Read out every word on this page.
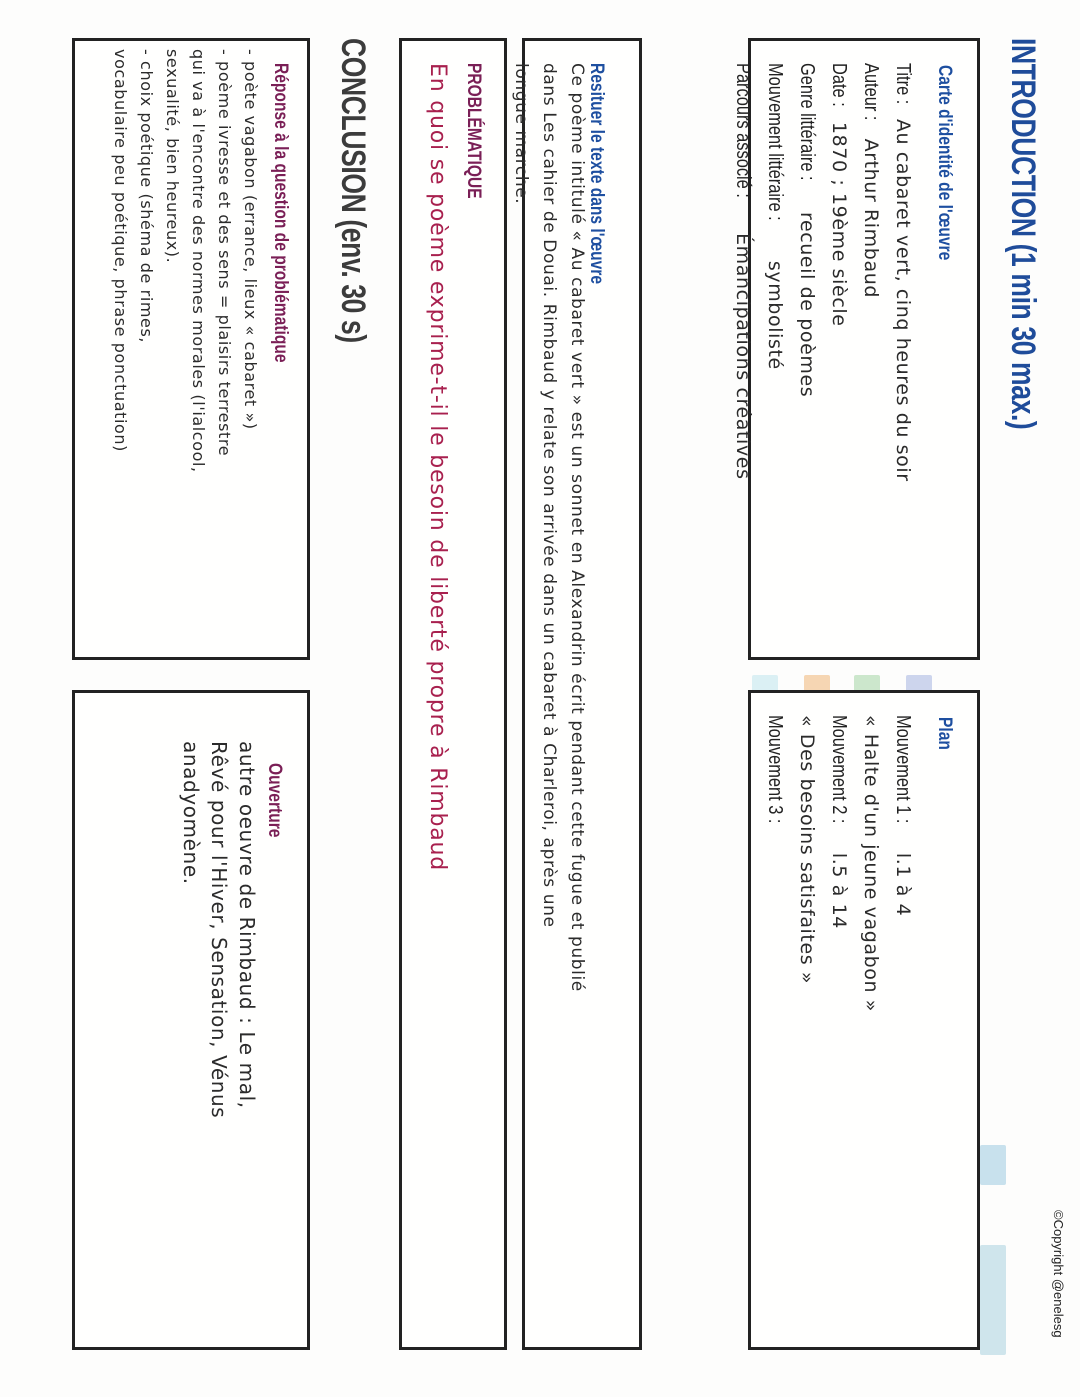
©Copyright @enelesg
INTRODUCTION (1 min 30 max.)
Carte d'identité de l'œuvre
Titre : Au cabaret vert, cinq heures du soir
Auteur : Arthur Rimbaud
Date : 1870 ; 19ème siècle
Genre littéraire : recueil de poèmes
Mouvement littéraire : symbolisté
Parcours associé : Émancipations créatives
Plan
Mouvement 1 : l.1 à 4
« Halte d'un jeune vagabon »
Mouvement 2 : l.5 à 14
« Des besoins satisfaites »
Mouvement 3 :
Resituer le texte dans l'œuvre
Ce poème intitulé « Au cabaret vert » est un sonnet en Alexandrin écrit pendant cette fugue et publié
dans Les cahier de Douai. Rimbaud y relate son arrivée dans un cabaret à Charleroi, après une
longue marche.
PROBLÉMATIQUE
En quoi se poème exprime-t-il le besoin de liberté propre à Rimbaud
CONCLUSION (env. 30 s)
Réponse à la question de problématique
- poète vagabon (errance, lieux « cabaret »)
- poème ivresse et des sens = plaisirs terrestre
qui va à l'encontre des normes morales (l'ialcool,
sexualité, bien heureux).
- choix poétique (shéma de rimes,
vocabulaire peu poétique, phrase ponctuation)
Ouverture
autre oeuvre de Rimbaud : Le mal,
Rêvé pour l'Hiver, Sensation, Vénus
anadyomène.
